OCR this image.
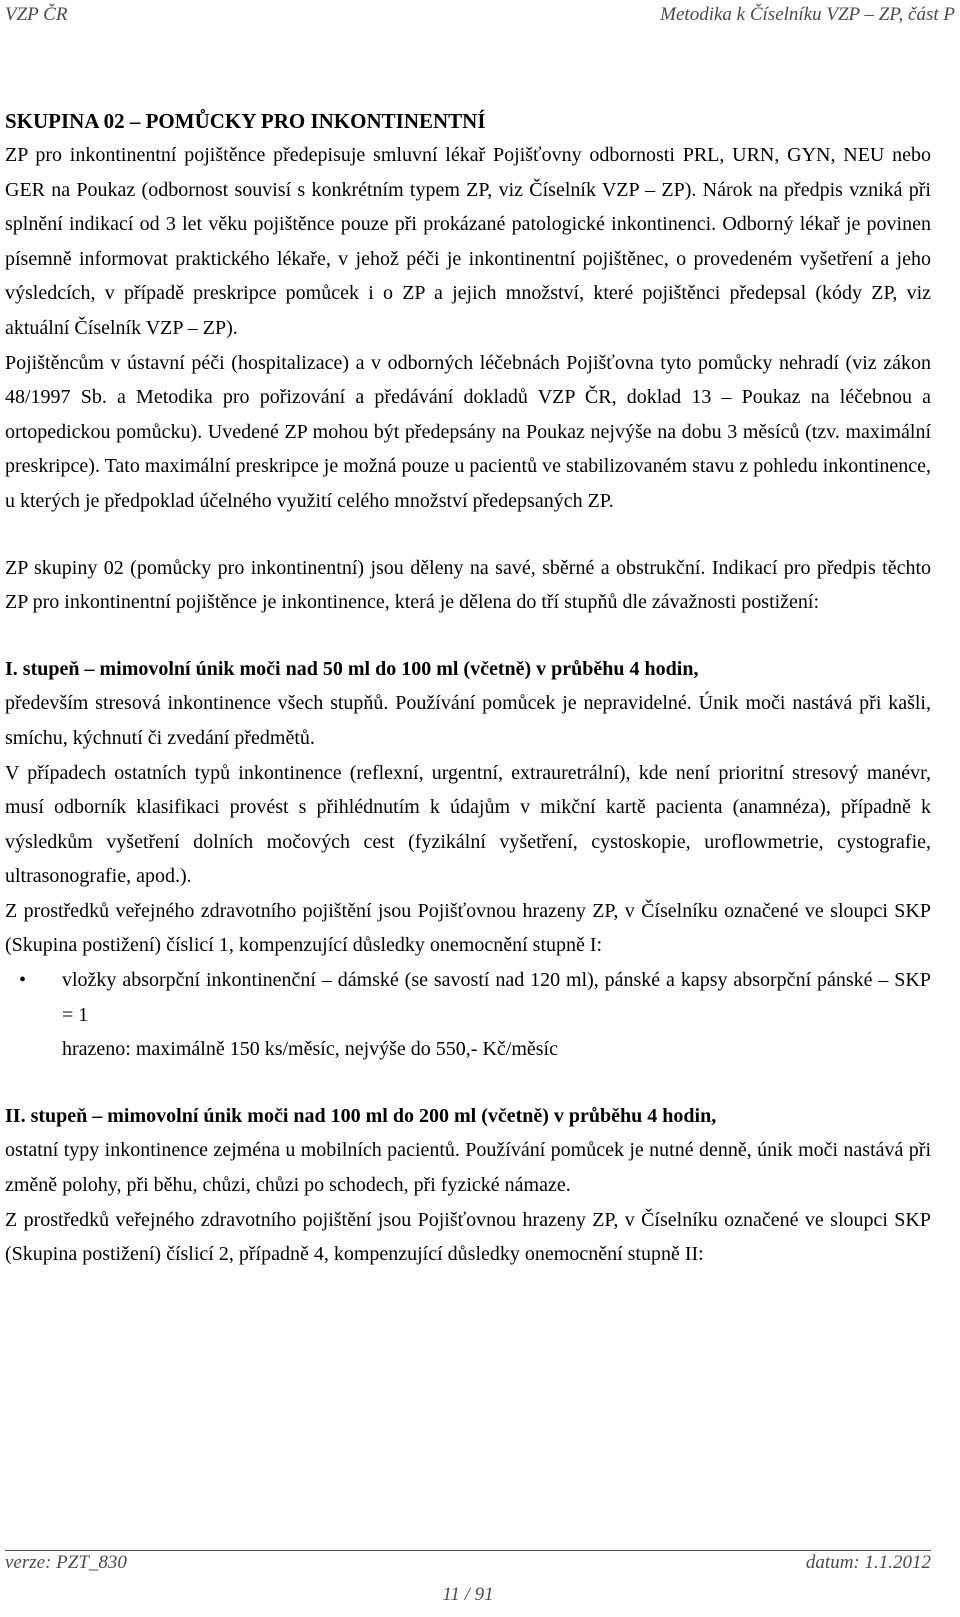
VZP ČR	Metodika k Číselníku VZP – ZP, část P

SKUPINA 02 – POMŮCKY PRO INKONTINENTNÍ

ZP pro inkontinentní pojištěnce předepisuje smluvní lékař Pojišťovny odbornosti PRL, URN, GYN, NEU nebo GER na Poukaz (odbornost souvisí s konkrétním typem ZP, viz Číselník VZP – ZP). Nárok na předpis vzniká při splnění indikací od 3 let věku pojištěnce pouze při prokázané patologické inkontinenci. Odborný lékař je povinen písemně informovat praktického lékaře, v jehož péči je inkontinentní pojištěnec, o provedeném vyšetření a jeho výsledcích, v případě preskripce pomůcek i o ZP a jejich množství, které pojištěnci předepsal (kódy ZP, viz aktuální Číselník VZP – ZP).

Pojištěncům v ústavní péči (hospitalizace) a v odborných léčebnách Pojišťovna tyto pomůcky nehradí (viz zákon 48/1997 Sb. a Metodika pro pořizování a předávání dokladů VZP ČR, doklad 13 – Poukaz na léčebnou a ortopedickou pomůcku). Uvedené ZP mohou být předepsány na Poukaz nejvýše na dobu 3 měsíců (tzv. maximální preskripce). Tato maximální preskripce je možná pouze u pacientů ve stabilizovaném stavu z pohledu inkontinence, u kterých je předpoklad účelného využití celého množství předepsaných ZP.

ZP skupiny 02 (pomůcky pro inkontinentní) jsou děleny na savé, sběrné a obstrukční. Indikací pro předpis těchto ZP pro inkontinentní pojištěnce je inkontinence, která je dělena do tří stupňů dle závažnosti postižení:

I. stupeň – mimovolní únik moči nad 50 ml do 100 ml (včetně) v průběhu 4 hodin,

především stresová inkontinence všech stupňů. Používání pomůcek je nepravidelné. Únik moči nastává při kašli, smíchu, kýchnutí či zvedání předmětů.

V případech ostatních typů inkontinence (reflexní, urgentní, extrauretrální), kde není prioritní stresový manévr, musí odborník klasifikaci provést s přihlédnutím k údajům v mikční kartě pacienta (anamnéza), případně k výsledkům vyšetření dolních močových cest (fyzikální vyšetření, cystoskopie, uroflowmetrie, cystografie, ultrasonografie, apod.).

Z prostředků veřejného zdravotního pojištění jsou Pojišťovnou hrazeny ZP, v Číselníku označené ve sloupci SKP (Skupina postižení) číslicí 1, kompenzující důsledky onemocnění stupně I:

• vložky absorpční inkontinenční – dámské (se savostí nad 120 ml), pánské a kapsy absorpční pánské – SKP = 1

hrazeno: maximálně 150 ks/měsíc, nejvýše do 550,- Kč/měsíc

II. stupeň – mimovolní únik moči nad 100 ml do 200 ml (včetně) v průběhu 4 hodin,

ostatní typy inkontinence zejména u mobilních pacientů. Používání pomůcek je nutné denně, únik moči nastává při změně polohy, při běhu, chůzi, chůzi po schodech, při fyzické námaze.

Z prostředků veřejného zdravotního pojištění jsou Pojišťovnou hrazeny ZP, v Číselníku označené ve sloupci SKP (Skupina postižení) číslicí 2, případně 4, kompenzující důsledky onemocnění stupně II:

verze: PZT_830	datum: 1.1.2012
11 / 91
